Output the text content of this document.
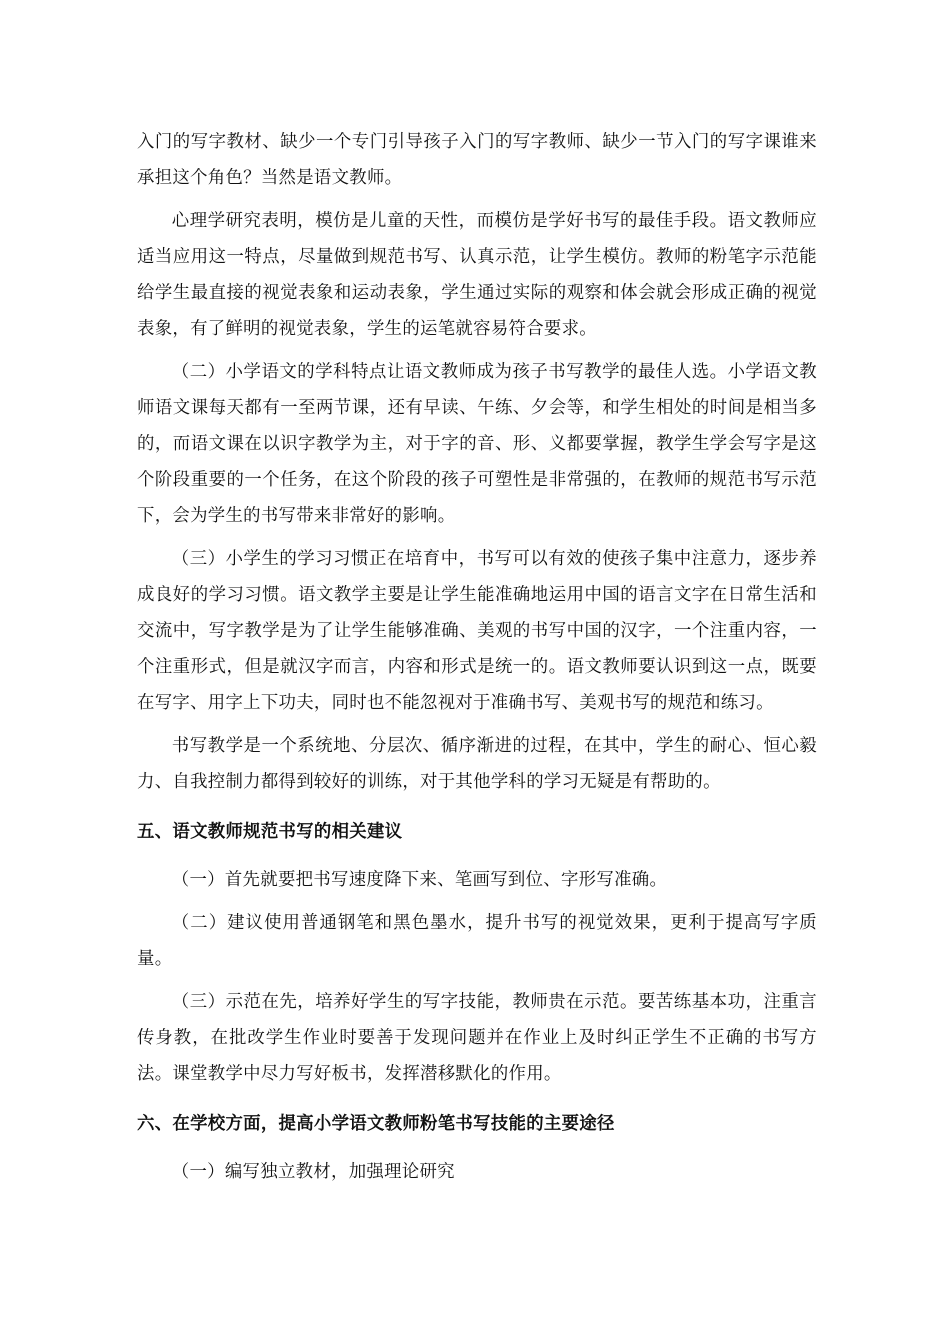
入门的写字教材、缺少一个专门引导孩子入门的写字教师、缺少一节入门的写字课谁来承担这个角色？当然是语文教师。

心理学研究表明，模仿是儿童的天性，而模仿是学好书写的最佳手段。语文教师应适当应用这一特点，尽量做到规范书写、认真示范，让学生模仿。教师的粉笔字示范能给学生最直接的视觉表象和运动表象，学生通过实际的观察和体会就会形成正确的视觉表象，有了鲜明的视觉表象，学生的运笔就容易符合要求。

（二）小学语文的学科特点让语文教师成为孩子书写教学的最佳人选。小学语文教师语文课每天都有一至两节课，还有早读、午练、夕会等，和学生相处的时间是相当多的，而语文课在以识字教学为主，对于字的音、形、义都要掌握，教学生学会写字是这个阶段重要的一个任务，在这个阶段的孩子可塑性是非常强的，在教师的规范书写示范下，会为学生的书写带来非常好的影响。

（三）小学生的学习习惯正在培育中，书写可以有效的使孩子集中注意力，逐步养成良好的学习习惯。语文教学主要是让学生能准确地运用中国的语言文字在日常生活和交流中，写字教学是为了让学生能够准确、美观的书写中国的汉字，一个注重内容，一个注重形式，但是就汉字而言，内容和形式是统一的。语文教师要认识到这一点，既要在写字、用字上下功夫，同时也不能忽视对于准确书写、美观书写的规范和练习。

书写教学是一个系统地、分层次、循序渐进的过程，在其中，学生的耐心、恒心毅力、自我控制力都得到较好的训练，对于其他学科的学习无疑是有帮助的。

五、语文教师规范书写的相关建议

（一）首先就要把书写速度降下来、笔画写到位、字形写准确。

（二）建议使用普通钢笔和黑色墨水，提升书写的视觉效果，更利于提高写字质量。

（三）示范在先，培养好学生的写字技能，教师贵在示范。要苦练基本功，注重言传身教，在批改学生作业时要善于发现问题并在作业上及时纠正学生不正确的书写方法。课堂教学中尽力写好板书，发挥潜移默化的作用。

六、在学校方面，提高小学语文教师粉笔书写技能的主要途径

（一）编写独立教材，加强理论研究
